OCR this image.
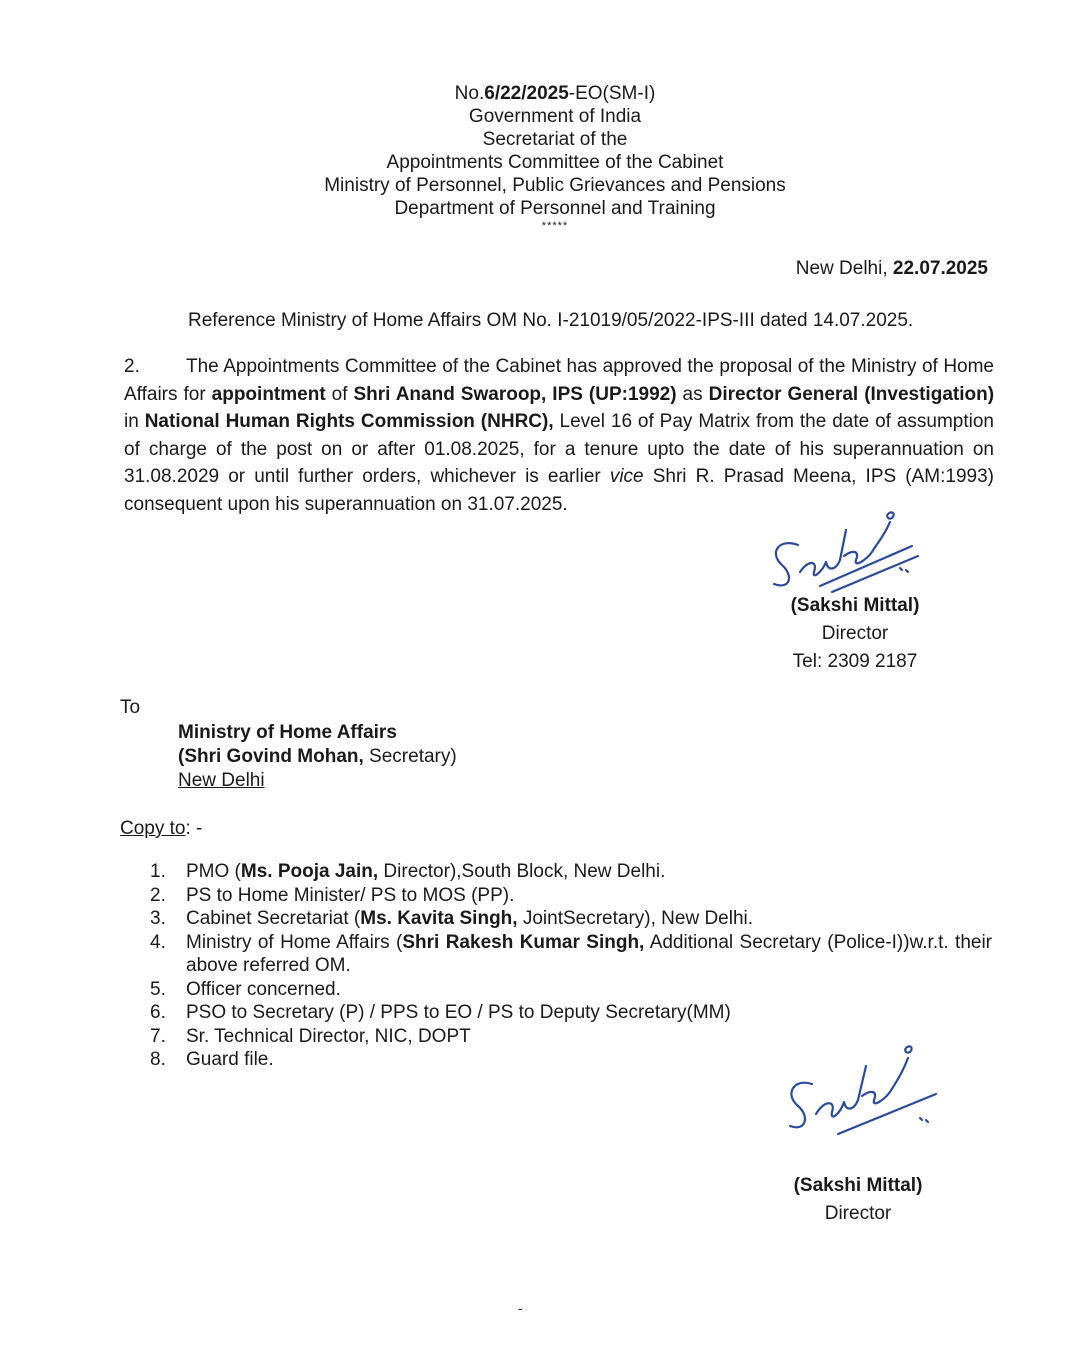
No.6/22/2025-EO(SM-I)
Government of India
Secretariat of the
Appointments Committee of the Cabinet
Ministry of Personnel, Public Grievances and Pensions
Department of Personnel and Training
*****
New Delhi, 22.07.2025
Reference Ministry of Home Affairs OM No. I-21019/05/2022-IPS-III dated 14.07.2025.
2. The Appointments Committee of the Cabinet has approved the proposal of the Ministry of Home Affairs for appointment of Shri Anand Swaroop, IPS (UP:1992) as Director General (Investigation) in National Human Rights Commission (NHRC), Level 16 of Pay Matrix from the date of assumption of charge of the post on or after 01.08.2025, for a tenure upto the date of his superannuation on 31.08.2029 or until further orders, whichever is earlier vice Shri R. Prasad Meena, IPS (AM:1993) consequent upon his superannuation on 31.07.2025.
(Sakshi Mittal)
Director
Tel: 2309 2187
To
Ministry of Home Affairs
(Shri Govind Mohan, Secretary)
New Delhi
Copy to: -
1.	PMO (Ms. Pooja Jain, Director),South Block, New Delhi.
2.	PS to Home Minister/ PS to MOS (PP).
3.	Cabinet Secretariat (Ms. Kavita Singh, JointSecretary), New Delhi.
4.	Ministry of Home Affairs (Shri Rakesh Kumar Singh, Additional Secretary (Police-I))w.r.t. their above referred OM.
5.	Officer concerned.
6.	PSO to Secretary (P) / PPS to EO / PS to Deputy Secretary(MM)
7.	Sr. Technical Director, NIC, DOPT
8.	Guard file.
(Sakshi Mittal)
Director
-
